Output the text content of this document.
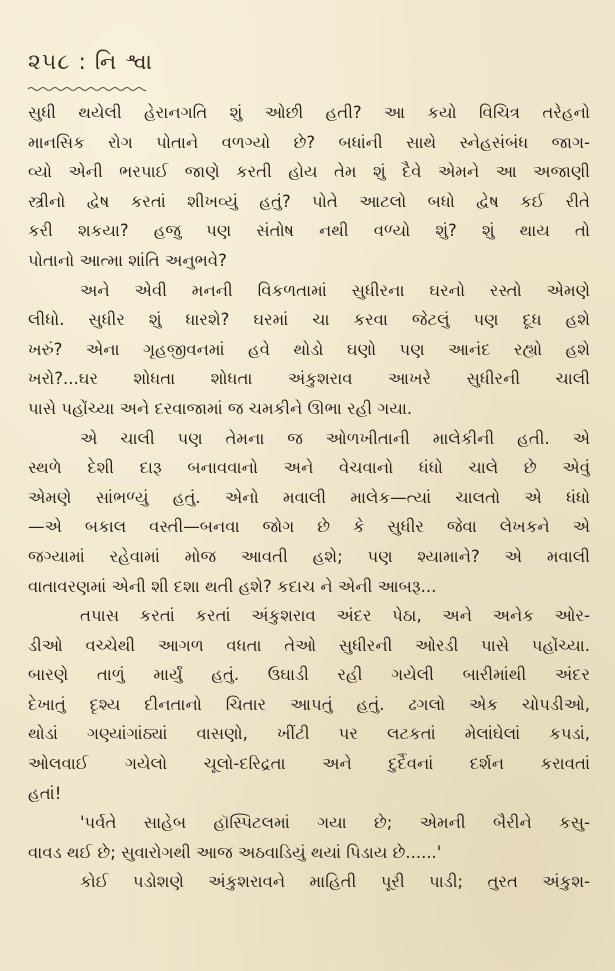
૨૫૮ : નિ શ્વા
સુધી થયેલી હેરાનગતિ શું ઓછી હતી? આ કયો વિચિત્ર તરેહનો
માનસિક રોગ પોતાને વળગ્યો છે? બધાંની સાથે સ્નેહસંબંધ જાગ-
વ્યો એની ભરપાઈ જાણે કરતી હોય તેમ શું દૈવે એમને આ અજાણી
સ્ત્રીનો દ્વેષ કરતાં શીખવ્યું હતું? પોતે આટલો બધો દ્વેષ કઈ રીતે
કરી શકયા? હજુ પણ સંતોષ નથી વળ્યો શું? શું થાય તો
પોતાનો આત્મા શાંતિ અનુભવે?
અને એવી મનની વિકળતામાં સુધીરના ઘરનો રસ્તો એમણે
લીધો. સુધીર શું ધારશે? ઘરમાં ચા કરવા જેટલું પણ દૂધ હશે
ખરું? એના ગૃહજીવનમાં હવે થોડો ઘણો પણ આનંદ રહ્યો હશે
ખરો?...ઘર શોધતા શોધતા અંકુશરાવ આખરે સુધીરની ચાલી
પાસે પહોંચ્યા અને દરવાજામાં જ ચમકીને ઊભા રહી ગયા.
એ ચાલી પણ તેમના જ ઓળખીતાની માલેકીની હતી. એ
સ્થળે દેશી દારૂ બનાવવાનો અને વેચવાનો ધંધો ચાલે છે એવું
એમણે સાંભળ્યું હતું. એનો મવાલી માલેક—ત્યાં ચાલતો એ ધંધો
—એ બકાલ વસ્તી—બનવા જોગ છે કે સુધીર જેવા લેખકને એ
જગ્યામાં રહેવામાં મોજ આવતી હશે; પણ શ્યામાને? એ મવાલી
વાતાવરણમાં એની શી દશા થતી હશે? કદાચ ને એની આબરૂ...
તપાસ કરતાં કરતાં અંકુશરાવ અંદર પેઠા, અને અનેક ઓર-
ડીઓ વચ્ચેથી આગળ વધતા તેઓ સુધીરની ઓરડી પાસે પહોંચ્યા.
બારણે તાળું માર્યું હતું. ઉઘાડી રહી ગયેલી બારીમાંથી અંદર
દેખાતું દૃશ્ય દીનતાનો ચિતાર આપતું હતું. ઢગલો એક ચોપડીઓ,
થોડાં ગણ્યાંગાંઠ્યાં વાસણો, ખીંટી પર લટકતાં મેલાંઘેલાં કપડાં,
ઓલવાઈ ગયેલો ચૂલો-દરિદ્રતા અને દુર્દૈવનાં દર્શન કરાવતાં
હતાં!
'પર્વતે સાહેબ હૉસ્પિટલમાં ગયા છે; એમની બૈરીને કસુ-
વાવડ થઈ છે; સુવારોગથી આજ અઠવાડિયું થયાં પિડાય છે......'
કોઈ પડોશણે અંકુશરાવને માહિતી પૂરી પાડી; તુરત અંકુશ-
